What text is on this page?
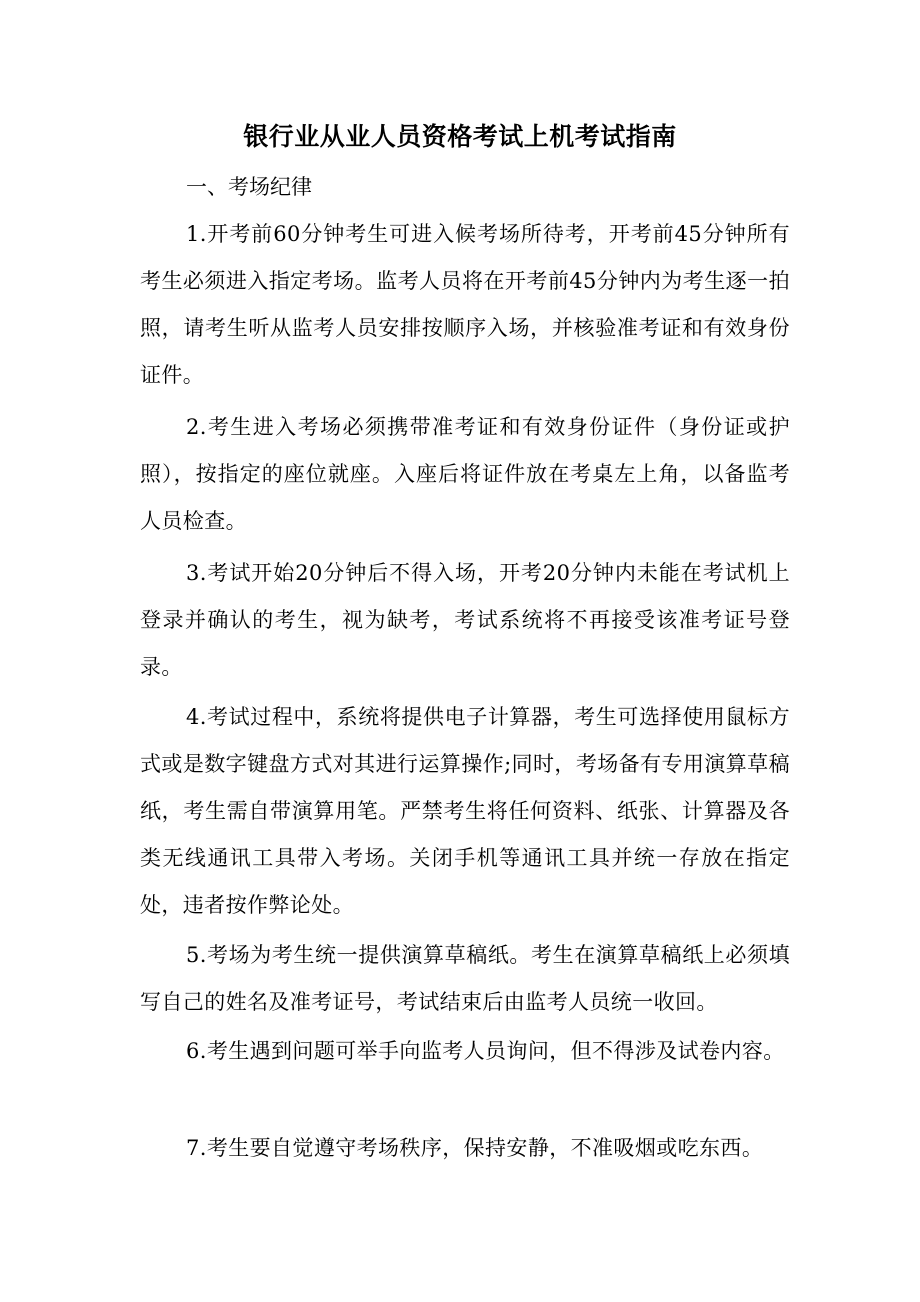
银行业从业人员资格考试上机考试指南
一、考场纪律

1.开考前60分钟考生可进入候考场所待考，开考前45分钟所有考生必须进入指定考场。监考人员将在开考前45分钟内为考生逐一拍照，请考生听从监考人员安排按顺序入场，并核验准考证和有效身份证件。

2.考生进入考场必须携带准考证和有效身份证件（身份证或护照），按指定的座位就座。入座后将证件放在考桌左上角，以备监考人员检查。

3.考试开始20分钟后不得入场，开考20分钟内未能在考试机上登录并确认的考生，视为缺考，考试系统将不再接受该准考证号登录。

4.考试过程中，系统将提供电子计算器，考生可选择使用鼠标方式或是数字键盘方式对其进行运算操作;同时，考场备有专用演算草稿纸，考生需自带演算用笔。严禁考生将任何资料、纸张、计算器及各类无线通讯工具带入考场。关闭手机等通讯工具并统一存放在指定处，违者按作弊论处。

5.考场为考生统一提供演算草稿纸。考生在演算草稿纸上必须填写自己的姓名及准考证号，考试结束后由监考人员统一收回。

6.考生遇到问题可举手向监考人员询问，但不得涉及试卷内容。

7.考生要自觉遵守考场秩序，保持安静，不准吸烟或吃东西。
